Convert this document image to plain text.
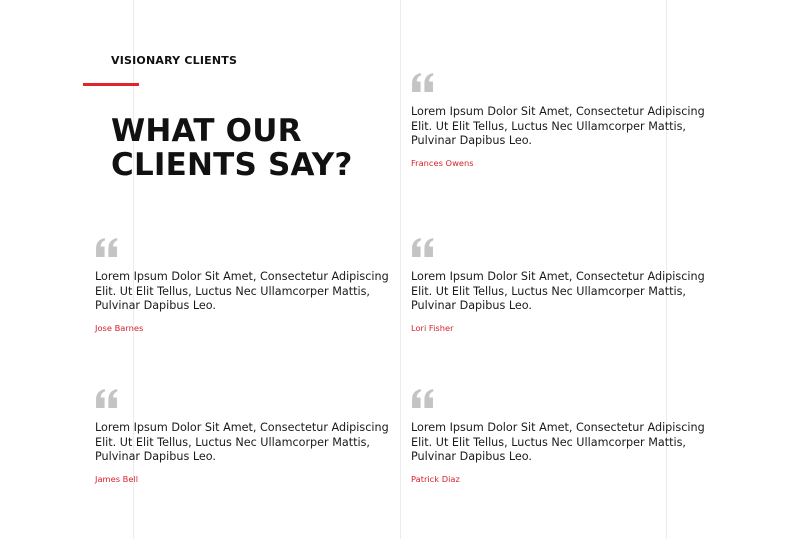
VISIONARY CLIENTS
WHAT OUR CLIENTS SAY?

Lorem Ipsum Dolor Sit Amet, Consectetur Adipiscing Elit. Ut Elit Tellus, Luctus Nec Ullamcorper Mattis, Pulvinar Dapibus Leo.

Frances Owens

Lorem Ipsum Dolor Sit Amet, Consectetur Adipiscing Elit. Ut Elit Tellus, Luctus Nec Ullamcorper Mattis, Pulvinar Dapibus Leo.

Jose Barnes

Lorem Ipsum Dolor Sit Amet, Consectetur Adipiscing Elit. Ut Elit Tellus, Luctus Nec Ullamcorper Mattis, Pulvinar Dapibus Leo.

Lori Fisher

Lorem Ipsum Dolor Sit Amet, Consectetur Adipiscing Elit. Ut Elit Tellus, Luctus Nec Ullamcorper Mattis, Pulvinar Dapibus Leo.

James Bell

Lorem Ipsum Dolor Sit Amet, Consectetur Adipiscing Elit. Ut Elit Tellus, Luctus Nec Ullamcorper Mattis, Pulvinar Dapibus Leo.

Patrick Diaz
